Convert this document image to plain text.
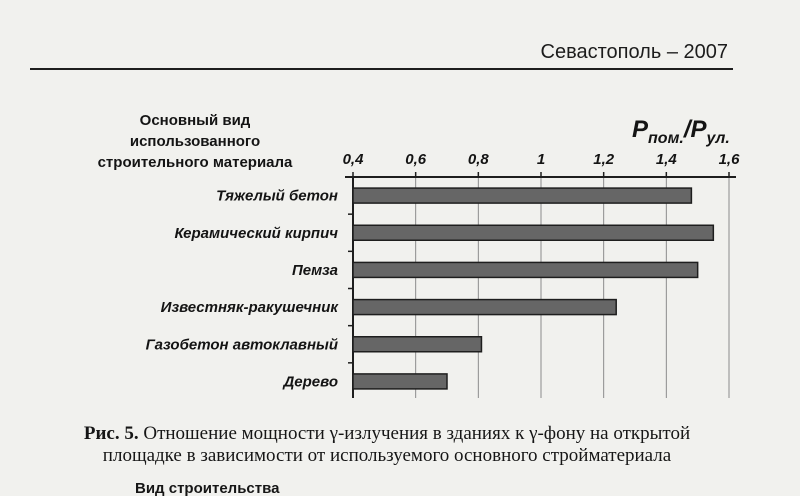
Севастополь – 2007
0,4	0,6	0,8	1	1,2	1,4	1,6
Тяжелый бетон
Керамический кирпич
Пемза
Известняк-ракушечник
Газобетон автоклавный
Дерево
Основный вид
использованного
строительного материала
Pпом./Pул.
Рис. 5. Отношение мощности γ-излучения в зданиях к γ-фону на открытой
площадке в зависимости от используемого основного стройматериала
Вид строительства
